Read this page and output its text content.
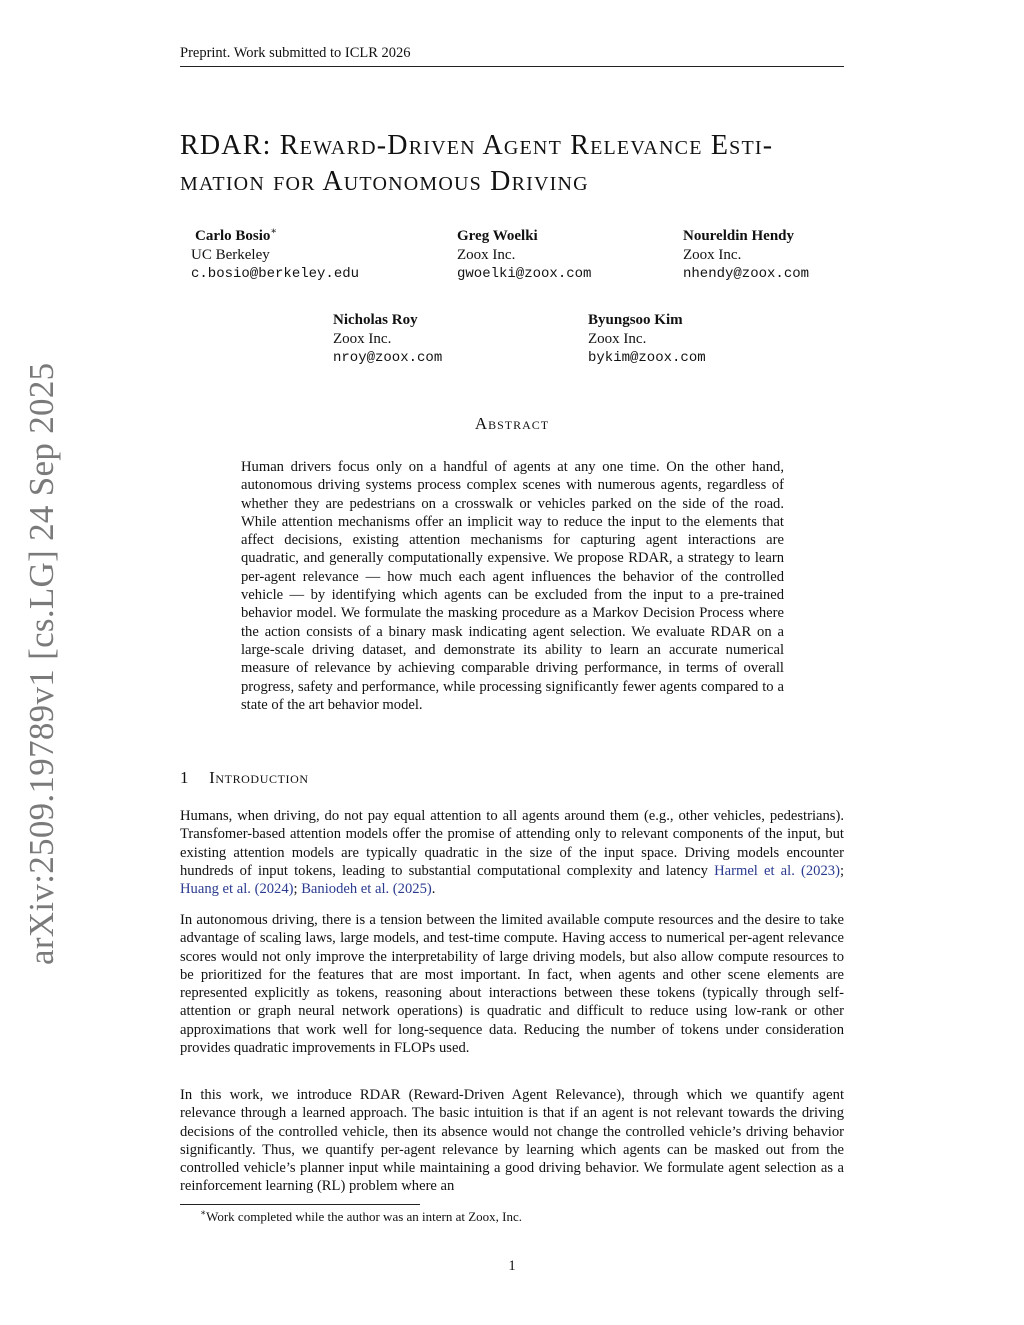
Preprint. Work submitted to ICLR 2026
arXiv:2509.19789v1 [cs.LG] 24 Sep 2025
RDAR: Reward-Driven Agent Relevance Esti- mation for Autonomous Driving
Carlo Bosio∗
UC Berkeley
c.bosio@berkeley.edu
Greg Woelki
Zoox Inc.
gwoelki@zoox.com
Noureldin Hendy
Zoox Inc.
nhendy@zoox.com
Nicholas Roy
Zoox Inc.
nroy@zoox.com
Byungsoo Kim
Zoox Inc.
bykim@zoox.com
Abstract

Human drivers focus only on a handful of agents at any one time. On the other hand, autonomous driving systems process complex scenes with numerous agents, regardless of whether they are pedestrians on a crosswalk or vehicles parked on the side of the road. While attention mechanisms offer an implicit way to reduce the input to the elements that affect decisions, existing attention mechanisms for capturing agent interactions are quadratic, and generally computationally expensive. We propose RDAR, a strategy to learn per-agent relevance — how much each agent influences the behavior of the controlled vehicle — by identifying which agents can be excluded from the input to a pre-trained behavior model. We formulate the masking procedure as a Markov Decision Process where the action consists of a binary mask indicating agent selection. We evaluate RDAR on a large-scale driving dataset, and demonstrate its ability to learn an accurate numerical measure of relevance by achieving comparable driving performance, in terms of overall progress, safety and performance, while processing significantly fewer agents compared to a state of the art behavior model.

1 Introduction

Humans, when driving, do not pay equal attention to all agents around them (e.g., other vehicles, pedestrians). Transfomer-based attention models offer the promise of attending only to relevant components of the input, but existing attention models are typically quadratic in the size of the input space. Driving models encounter hundreds of input tokens, leading to substantial computational complexity and latency Harmel et al. (2023); Huang et al. (2024); Baniodeh et al. (2025).

In autonomous driving, there is a tension between the limited available compute resources and the desire to take advantage of scaling laws, large models, and test-time compute. Having access to numerical per-agent relevance scores would not only improve the interpretability of large driving models, but also allow compute resources to be prioritized for the features that are most important. In fact, when agents and other scene elements are represented explicitly as tokens, reasoning about interactions between these tokens (typically through self-attention or graph neural network operations) is quadratic and difficult to reduce using low-rank or other approximations that work well for long-sequence data. Reducing the number of tokens under consideration provides quadratic improvements in FLOPs used.

In this work, we introduce RDAR (Reward-Driven Agent Relevance), through which we quantify agent relevance through a learned approach. The basic intuition is that if an agent is not relevant towards the driving decisions of the controlled vehicle, then its absence would not change the controlled vehicle’s driving behavior significantly. Thus, we quantify per-agent relevance by learning which agents can be masked out from the controlled vehicle’s planner input while maintaining a good driving behavior. We formulate agent selection as a reinforcement learning (RL) problem where an

∗Work completed while the author was an intern at Zoox, Inc.
1
